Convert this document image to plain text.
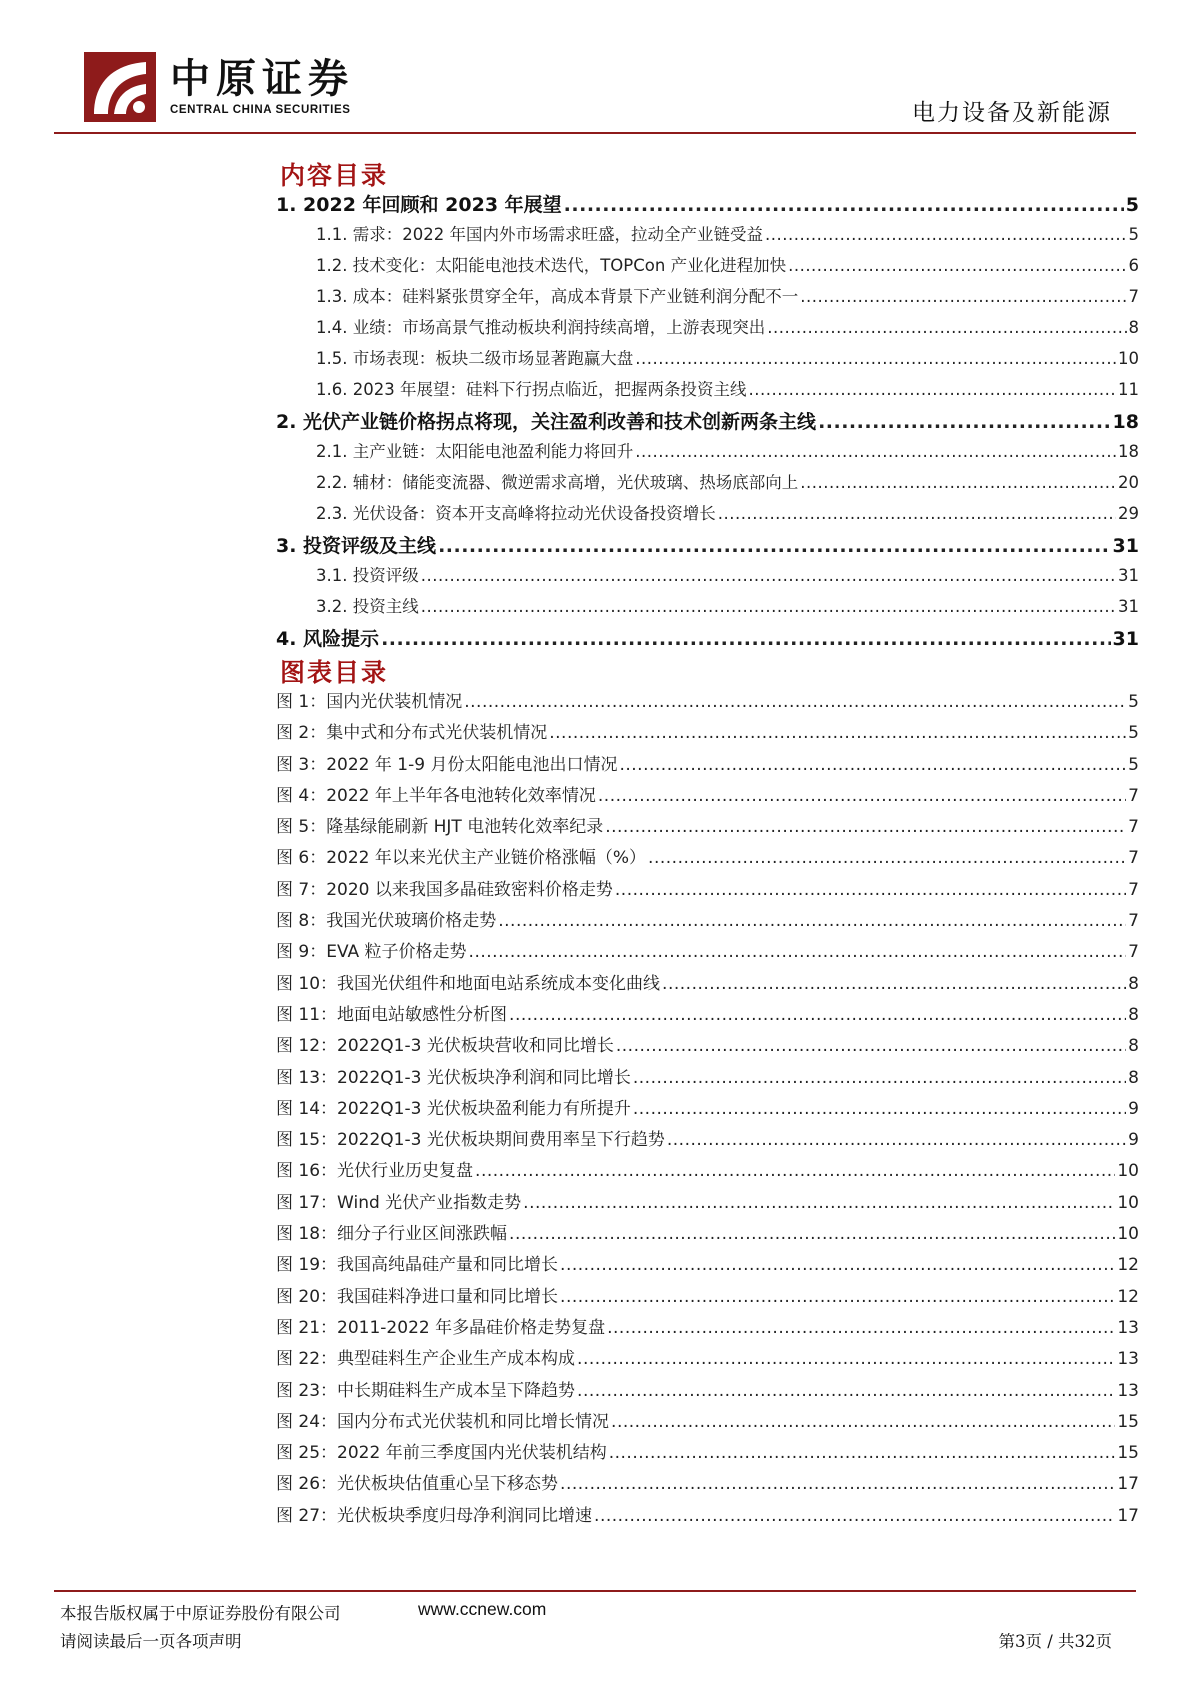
中原证券
CENTRAL CHINA SECURITIES	电力设备及新能源
内容目录
1. 2022 年回顾和 2023 年展望 .....	5
1.1. 需求：2022 年国内外市场需求旺盛，拉动全产业链受益 .....	5
1.2. 技术变化：太阳能电池技术迭代，TOPCon 产业化进程加快 .....	6
1.3. 成本：硅料紧张贯穿全年，高成本背景下产业链利润分配不一 .....	7
1.4. 业绩：市场高景气推动板块利润持续高增，上游表现突出 .....	8
1.5. 市场表现：板块二级市场显著跑赢大盘 .....	10
1.6. 2023 年展望：硅料下行拐点临近，把握两条投资主线 .....	11
2. 光伏产业链价格拐点将现，关注盈利改善和技术创新两条主线 .....	18
2.1. 主产业链：太阳能电池盈利能力将回升 .....	18
2.2. 辅材：储能变流器、微逆需求高增，光伏玻璃、热场底部向上 .....	20
2.3. 光伏设备：资本开支高峰将拉动光伏设备投资增长 .....	29
3. 投资评级及主线 .....	31
3.1. 投资评级 .....	31
3.2. 投资主线 .....	31
4. 风险提示 .....	31
图表目录
图 1：国内光伏装机情况 .....	5
图 2：集中式和分布式光伏装机情况 .....	5
图 3：2022 年 1-9 月份太阳能电池出口情况 .....	5
图 4：2022 年上半年各电池转化效率情况 .....	7
图 5：隆基绿能刷新 HJT 电池转化效率纪录 .....	7
图 6：2022 年以来光伏主产业链价格涨幅（%） .....	7
图 7：2020 以来我国多晶硅致密料价格走势 .....	7
图 8：我国光伏玻璃价格走势 .....	7
图 9：EVA 粒子价格走势 .....	7
图 10：我国光伏组件和地面电站系统成本变化曲线 .....	8
图 11：地面电站敏感性分析图 .....	8
图 12：2022Q1-3 光伏板块营收和同比增长 .....	8
图 13：2022Q1-3 光伏板块净利润和同比增长 .....	8
图 14：2022Q1-3 光伏板块盈利能力有所提升 .....	9
图 15：2022Q1-3 光伏板块期间费用率呈下行趋势 .....	9
图 16：光伏行业历史复盘 .....	10
图 17：Wind 光伏产业指数走势 .....	10
图 18：细分子行业区间涨跌幅 .....	10
图 19：我国高纯晶硅产量和同比增长 .....	12
图 20：我国硅料净进口量和同比增长 .....	12
图 21：2011-2022 年多晶硅价格走势复盘 .....	13
图 22：典型硅料生产企业生产成本构成 .....	13
图 23：中长期硅料生产成本呈下降趋势 .....	13
图 24：国内分布式光伏装机和同比增长情况 .....	15
图 25：2022 年前三季度国内光伏装机结构 .....	15
图 26：光伏板块估值重心呈下移态势 .....	17
图 27：光伏板块季度归母净利润同比增速 .....	17
本报告版权属于中原证券股份有限公司	www.ccnew.com
请阅读最后一页各项声明	第3页 / 共32页
